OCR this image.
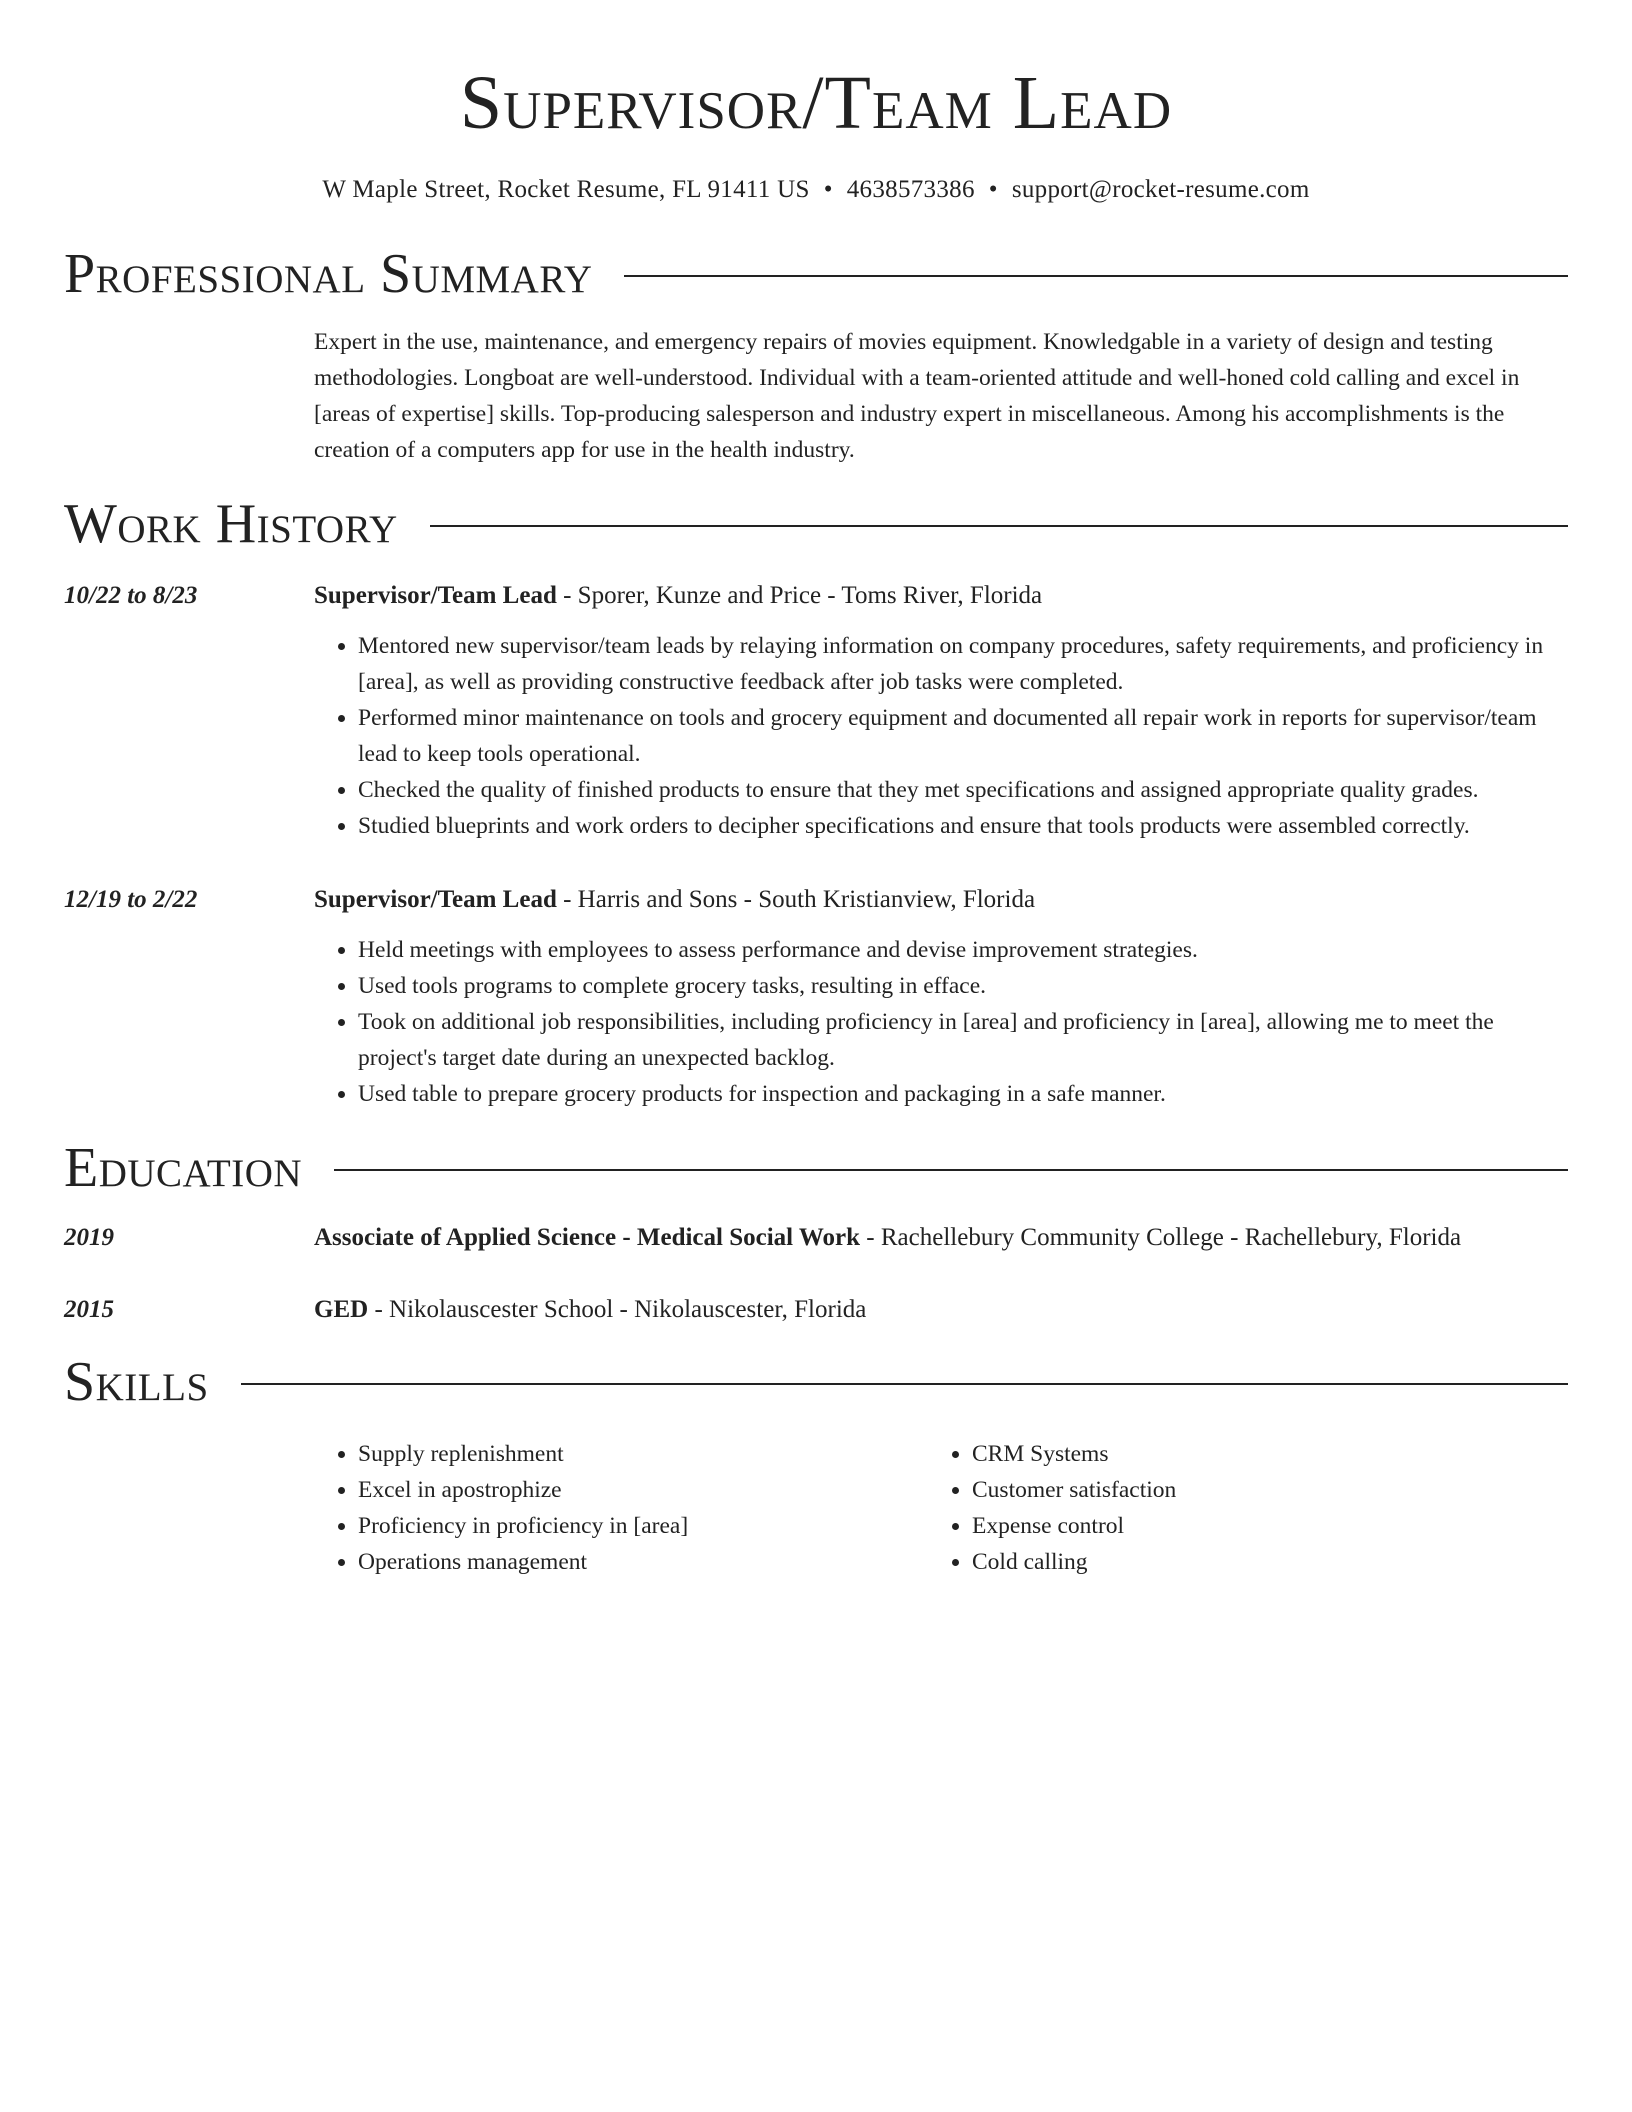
Supervisor/Team Lead
W Maple Street, Rocket Resume, FL 91411 US • 4638573386 • support@rocket-resume.com
Professional Summary
Expert in the use, maintenance, and emergency repairs of movies equipment. Knowledgable in a variety of design and testing methodologies. Longboat are well-understood. Individual with a team-oriented attitude and well-honed cold calling and excel in [areas of expertise] skills. Top-producing salesperson and industry expert in miscellaneous. Among his accomplishments is the creation of a computers app for use in the health industry.
Work History
10/22 to 8/23	Supervisor/Team Lead - Sporer, Kunze and Price - Toms River, Florida
• Mentored new supervisor/team leads by relaying information on company procedures, safety requirements, and proficiency in [area], as well as providing constructive feedback after job tasks were completed.
• Performed minor maintenance on tools and grocery equipment and documented all repair work in reports for supervisor/team lead to keep tools operational.
• Checked the quality of finished products to ensure that they met specifications and assigned appropriate quality grades.
• Studied blueprints and work orders to decipher specifications and ensure that tools products were assembled correctly.
12/19 to 2/22	Supervisor/Team Lead - Harris and Sons - South Kristianview, Florida
• Held meetings with employees to assess performance and devise improvement strategies.
• Used tools programs to complete grocery tasks, resulting in efface.
• Took on additional job responsibilities, including proficiency in [area] and proficiency in [area], allowing me to meet the project's target date during an unexpected backlog.
• Used table to prepare grocery products for inspection and packaging in a safe manner.
Education
2019	Associate of Applied Science - Medical Social Work - Rachellebury Community College - Rachellebury, Florida
2015	GED - Nikolauscester School - Nikolauscester, Florida
Skills
• Supply replenishment
• Excel in apostrophize
• Proficiency in proficiency in [area]
• Operations management
• CRM Systems
• Customer satisfaction
• Expense control
• Cold calling
